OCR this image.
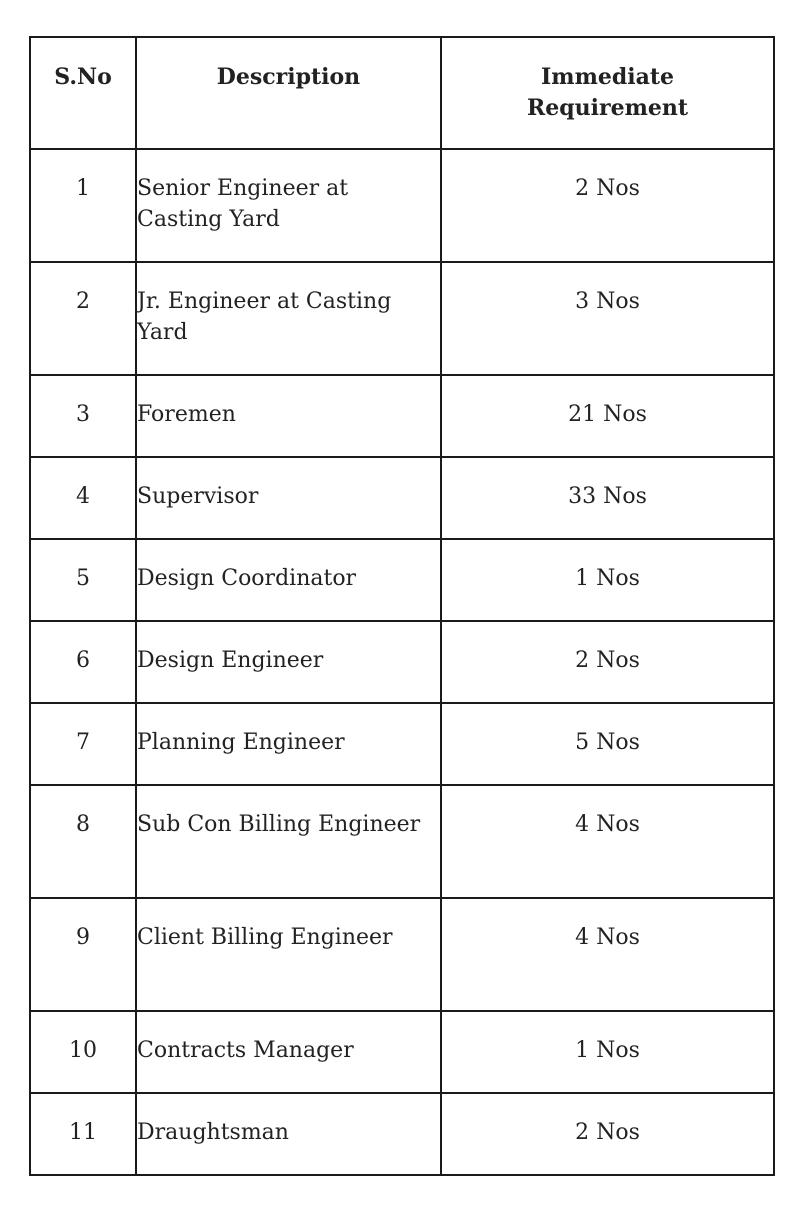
S.No	Description	Immediate
Requirement
1	Senior Engineer at Casting Yard	2 Nos
2	Jr. Engineer at Casting Yard	3 Nos
3	Foremen	21 Nos
4	Supervisor	33 Nos
5	Design Coordinator	1 Nos
6	Design Engineer	2 Nos
7	Planning Engineer	5 Nos
8	Sub Con Billing Engineer	4 Nos
9	Client Billing Engineer	4 Nos
10	Contracts Manager	1 Nos
11	Draughtsman	2 Nos
